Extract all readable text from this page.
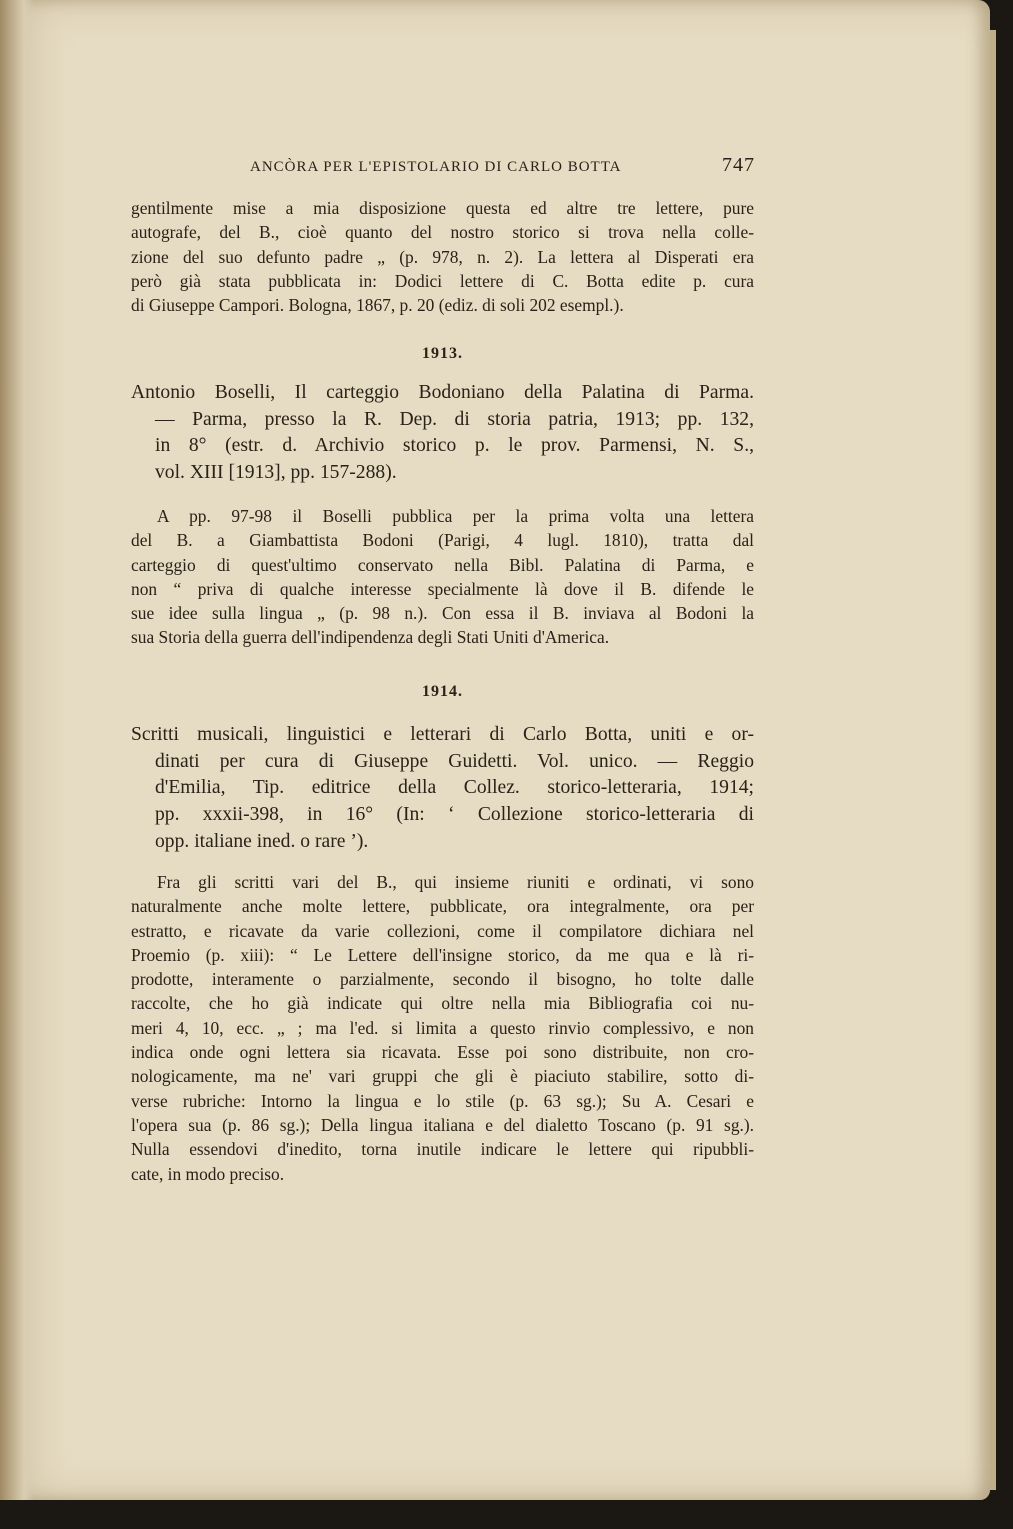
ANCÒRA PER L'EPISTOLARIO DI CARLO BOTTA	747
gentilmente mise a mia disposizione questa ed altre tre lettere, pure
autografe, del B., cioè quanto del nostro storico si trova nella colle-
zione del suo defunto padre „ (p. 978, n. 2). La lettera al Disperati era
però già stata pubblicata in: Dodici lettere di C. Botta edite p. cura
di Giuseppe Campori. Bologna, 1867, p. 20 (ediz. di soli 202 esempl.).
1913.
Antonio Boselli, Il carteggio Bodoniano della Palatina di Parma.
— Parma, presso la R. Dep. di storia patria, 1913; pp. 132,
in 8° (estr. d. Archivio storico p. le prov. Parmensi, N. S.,
vol. XIII [1913], pp. 157-288).
A pp. 97-98 il Boselli pubblica per la prima volta una lettera
del B. a Giambattista Bodoni (Parigi, 4 lugl. 1810), tratta dal
carteggio di quest'ultimo conservato nella Bibl. Palatina di Parma, e
non “ priva di qualche interesse specialmente là dove il B. difende le
sue idee sulla lingua „ (p. 98 n.). Con essa il B. inviava al Bodoni la
sua Storia della guerra dell'indipendenza degli Stati Uniti d'America.
1914.
Scritti musicali, linguistici e letterari di Carlo Botta, uniti e or-
dinati per cura di Giuseppe Guidetti. Vol. unico. — Reggio
d'Emilia, Tip. editrice della Collez. storico-letteraria, 1914;
pp. xxxii-398, in 16° (In: ‘ Collezione storico-letteraria di
opp. italiane ined. o rare ’).
Fra gli scritti vari del B., qui insieme riuniti e ordinati, vi sono
naturalmente anche molte lettere, pubblicate, ora integralmente, ora per
estratto, e ricavate da varie collezioni, come il compilatore dichiara nel
Proemio (p. xiii): “ Le Lettere dell'insigne storico, da me qua e là ri-
prodotte, interamente o parzialmente, secondo il bisogno, ho tolte dalle
raccolte, che ho già indicate qui oltre nella mia Bibliografia coi nu-
meri 4, 10, ecc. „ ; ma l'ed. si limita a questo rinvio complessivo, e non
indica onde ogni lettera sia ricavata. Esse poi sono distribuite, non cro-
nologicamente, ma ne' vari gruppi che gli è piaciuto stabilire, sotto di-
verse rubriche: Intorno la lingua e lo stile (p. 63 sg.); Su A. Cesari e
l'opera sua (p. 86 sg.); Della lingua italiana e del dialetto Toscano (p. 91 sg.).
Nulla essendovi d'inedito, torna inutile indicare le lettere qui ripubbli-
cate, in modo preciso.
